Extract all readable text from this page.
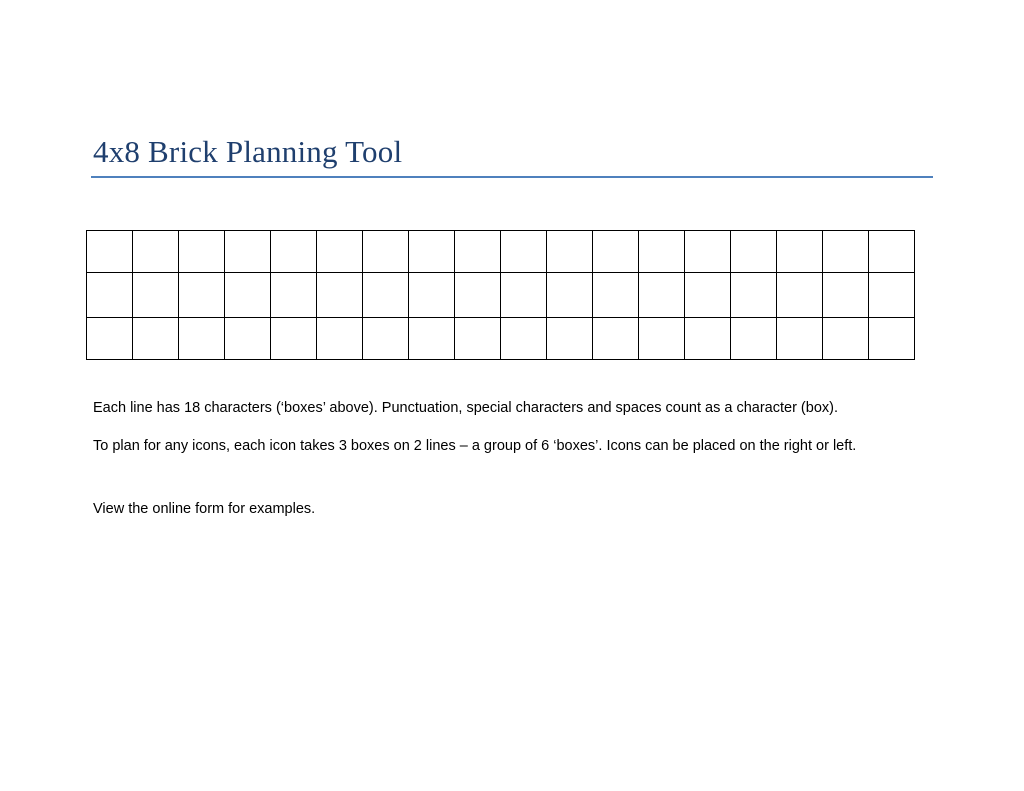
4x8 Brick Planning Tool

Each line has 18 characters (‘boxes’ above). Punctuation, special characters and spaces count as a character (box).

To plan for any icons, each icon takes 3 boxes on 2 lines – a group of 6 ‘boxes’. Icons can be placed on the right or left.

View the online form for examples.
